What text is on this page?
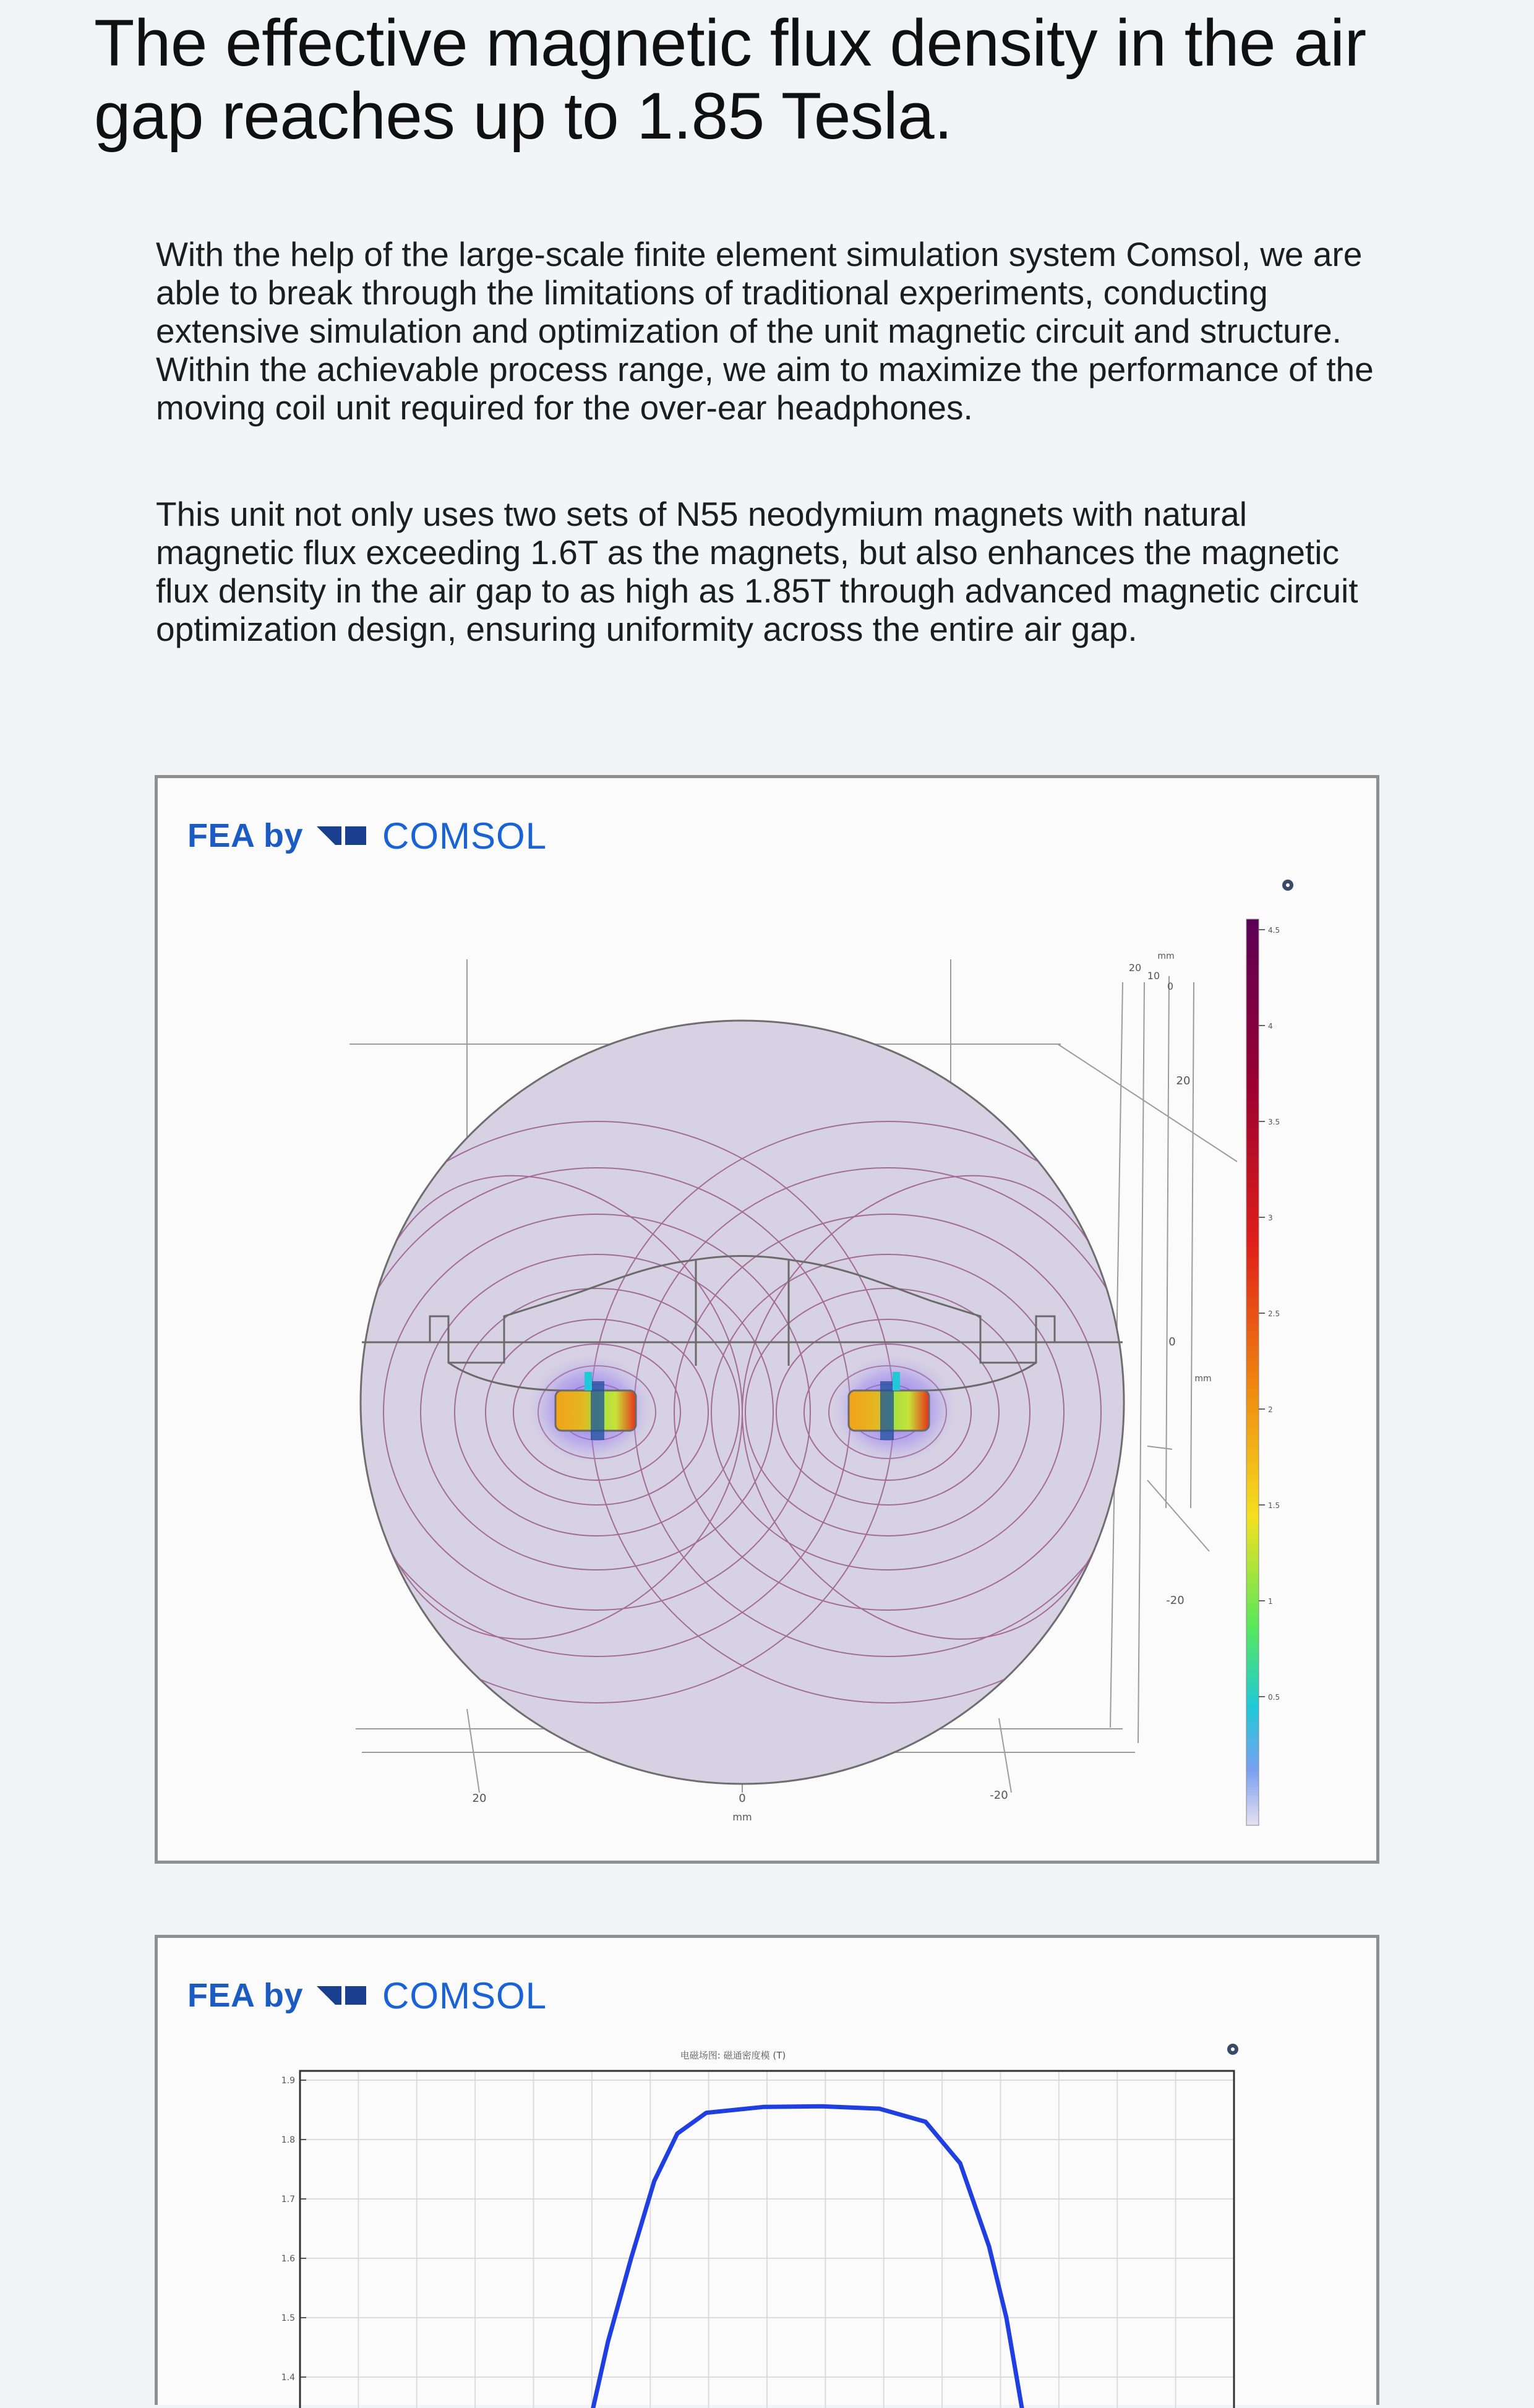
The effective magnetic flux density in the air gap reaches up to 1.85 Tesla.

With the help of the large-scale finite element simulation system Comsol, we are able to break through the limitations of traditional experiments, conducting extensive simulation and optimization of the unit magnetic circuit and structure. Within the achievable process range, we aim to maximize the performance of the moving coil unit required for the over-ear headphones.

This unit not only uses two sets of N55 neodymium magnets with natural magnetic flux exceeding 1.6T as the magnets, but also enhances the magnetic flux density in the air gap to as high as 1.85T through advanced magnetic circuit optimization design, ensuring uniformity across the entire air gap.

FEA by COMSOL
20	0	-20
mm
20
10
0
mm
20
0
-20
mm
4.5
4
3.5
3
2.5
2
1.5
1
0.5
FEA by COMSOL
电磁场图: 磁通密度模 (T)
1.9
1.8
1.7
1.6
1.5
1.4
